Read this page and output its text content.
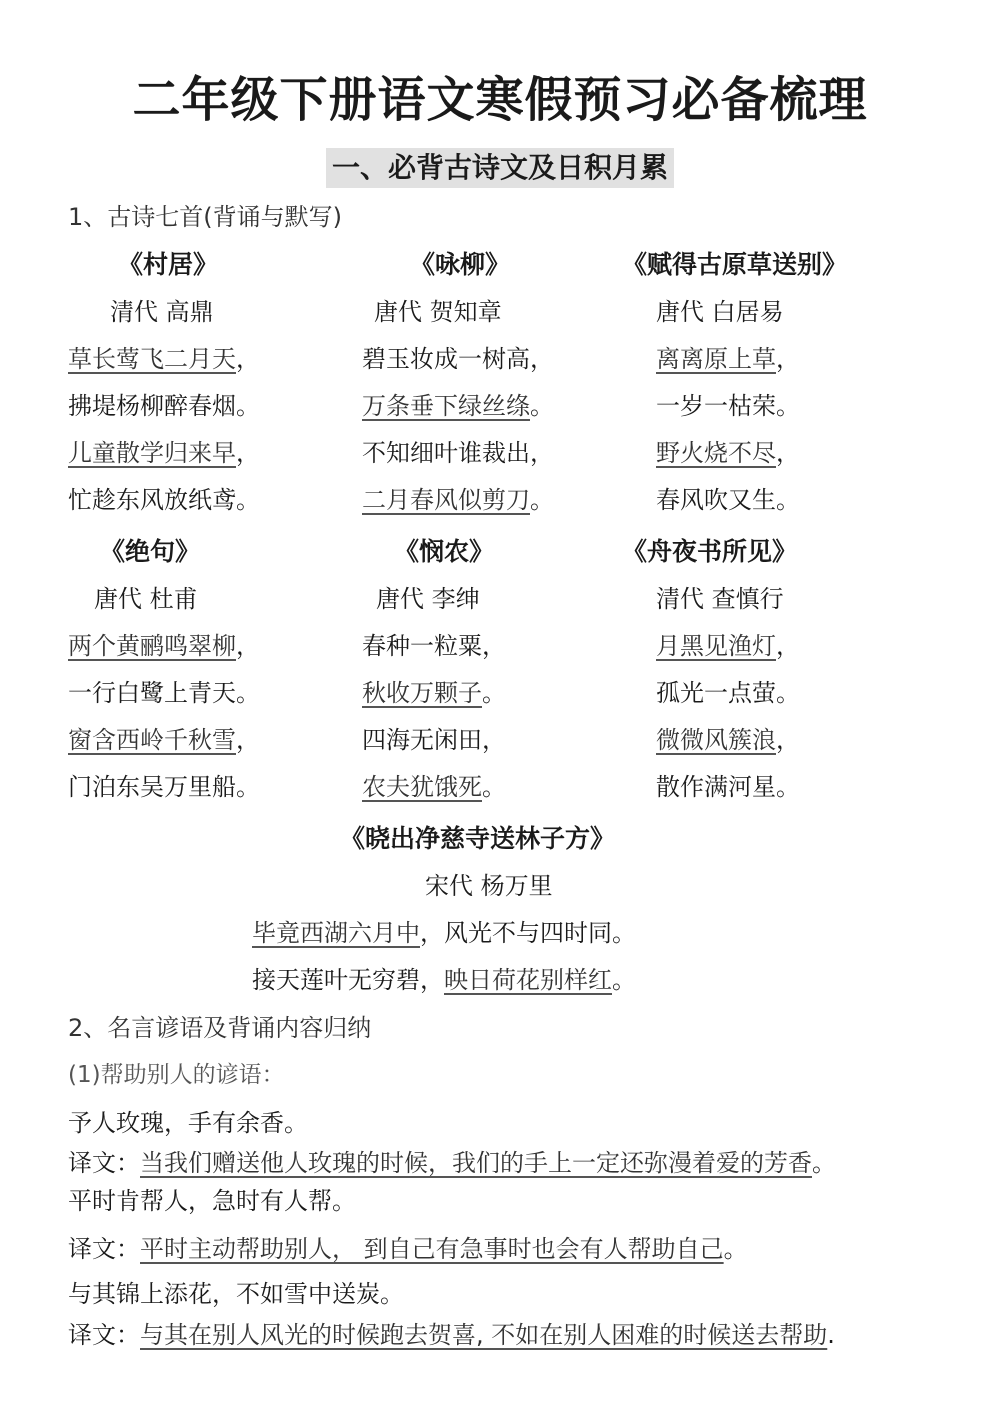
二年级下册语文寒假预习必备梳理
一、必背古诗文及日积月累
1、古诗七首(背诵与默写)
《村居》
清代 高鼎
草长莺飞二月天，
拂堤杨柳醉春烟。
儿童散学归来早，
忙趁东风放纸鸢。
《咏柳》
唐代 贺知章
碧玉妆成一树高，
万条垂下绿丝绦。
不知细叶谁裁出，
二月春风似剪刀。
《赋得古原草送别》
唐代 白居易
离离原上草，
一岁一枯荣。
野火烧不尽，
春风吹又生。
《绝句》
唐代 杜甫
两个黄鹂鸣翠柳，
一行白鹭上青天。
窗含西岭千秋雪，
门泊东吴万里船。
《悯农》
唐代 李绅
春种一粒粟，
秋收万颗子。
四海无闲田，
农夫犹饿死。
《舟夜书所见》
清代 查慎行
月黑见渔灯，
孤光一点萤。
微微风簇浪，
散作满河星。
《晓出净慈寺送林子方》
宋代 杨万里
毕竟西湖六月中，风光不与四时同。
接天莲叶无穷碧，映日荷花别样红。
2、名言谚语及背诵内容归纳
(1)帮助别人的谚语：
予人玫瑰，手有余香。
译文：当我们赠送他人玫瑰的时候，我们的手上一定还弥漫着爱的芳香。
平时肯帮人，急时有人帮。
译文：平时主动帮助别人， 到自己有急事时也会有人帮助自己。
与其锦上添花，不如雪中送炭。
译文：与其在别人风光的时候跑去贺喜, 不如在别人困难的时候送去帮助.
